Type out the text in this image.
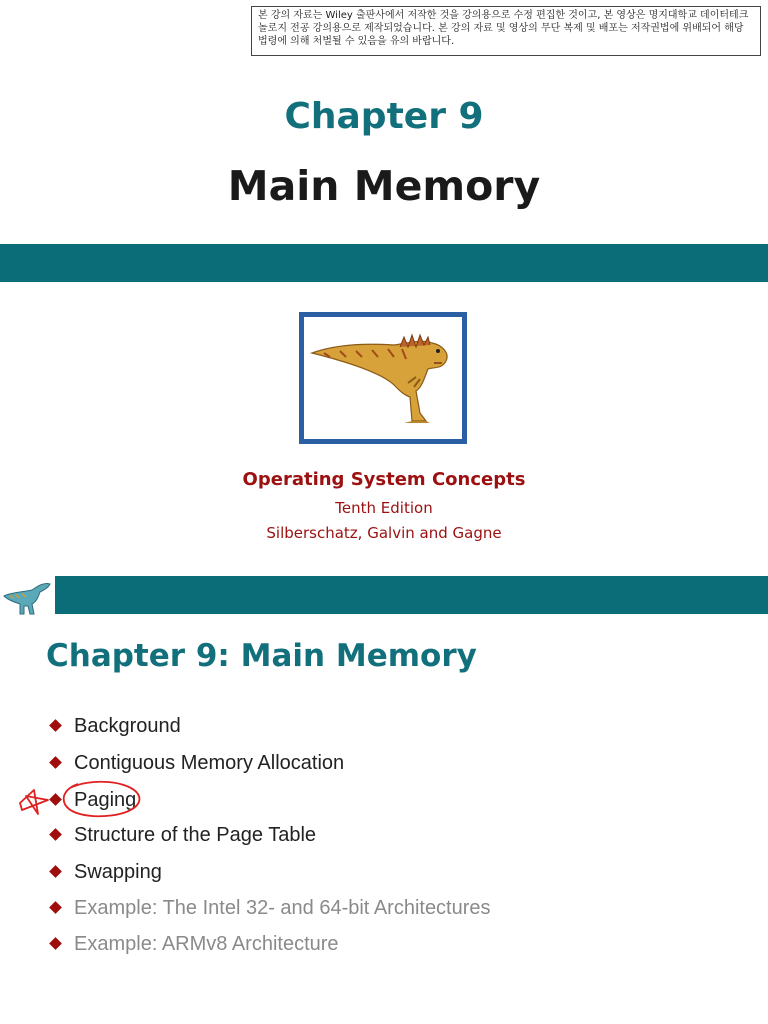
본 강의 자료는 Wiley 출판사에서 저작한 것을 강의용으로 수정 편집한 것이고, 본 영상은 명지대학교 데이터테크놀로지 전공 강의용으로 제작되었습니다. 본 강의 자료 및 영상의 무단 복제 및 배포는 저작권법에 위배되어 해당 법령에 의해 처벌될 수 있음을 유의 바랍니다.
Chapter 9
Main Memory
Operating System Concepts
Tenth Edition
Silberschatz, Galvin and Gagne
Chapter 9: Main Memory
Background
Contiguous Memory Allocation
Paging
Structure of the Page Table
Swapping
Example: The Intel 32- and 64-bit Architectures
Example: ARMv8 Architecture
